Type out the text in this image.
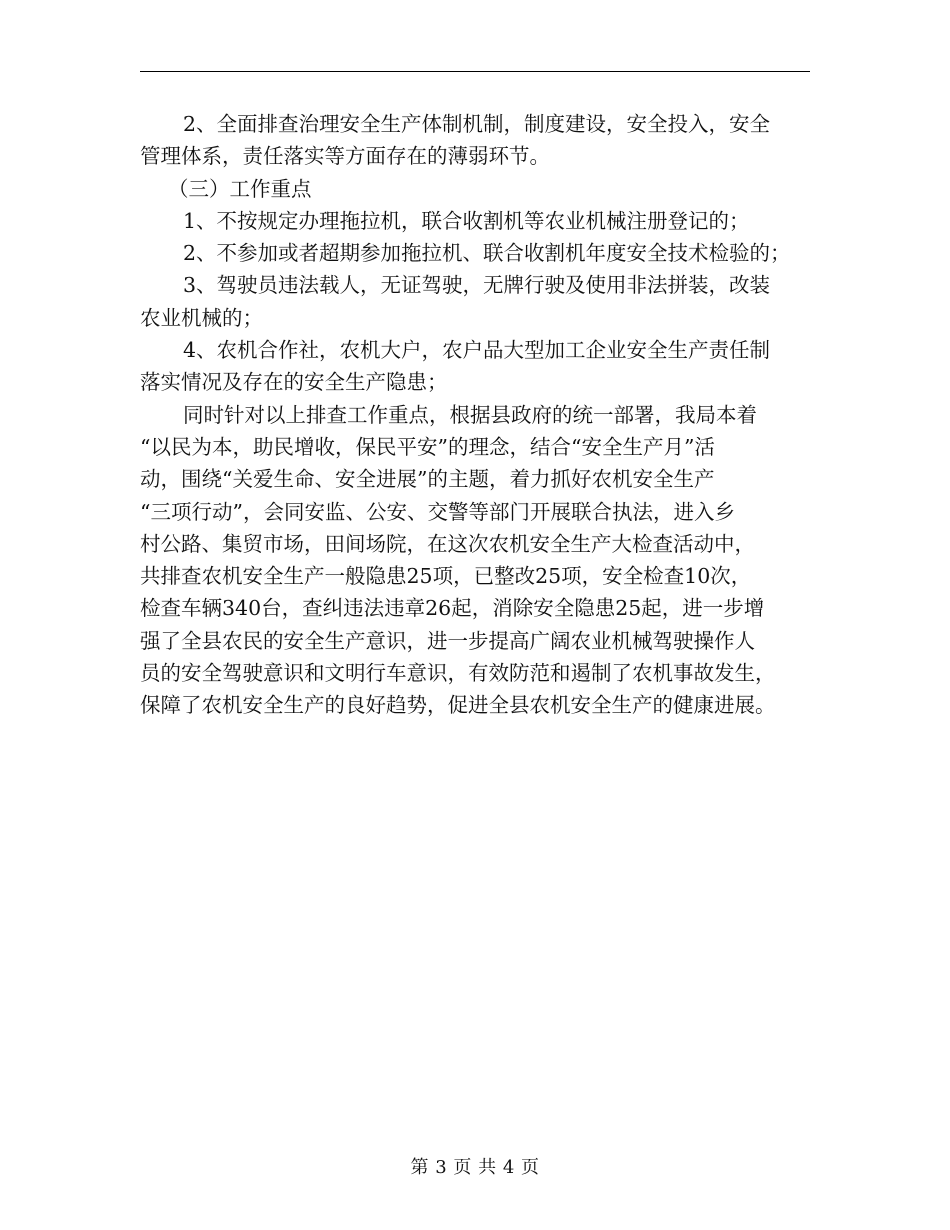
2、全面排查治理安全生产体制机制，制度建设，安全投入，安全
管理体系，责任落实等方面存在的薄弱环节。
（三）工作重点
1、不按规定办理拖拉机，联合收割机等农业机械注册登记的；
2、不参加或者超期参加拖拉机、联合收割机年度安全技术检验的；
3、驾驶员违法载人，无证驾驶，无牌行驶及使用非法拼装，改装
农业机械的；
4、农机合作社，农机大户，农户品大型加工企业安全生产责任制
落实情况及存在的安全生产隐患；
同时针对以上排查工作重点，根据县政府的统一部署，我局本着
“以民为本，助民增收，保民平安”的理念，结合“安全生产月”活
动，围绕“关爱生命、安全进展”的主题，着力抓好农机安全生产
“三项行动”，会同安监、公安、交警等部门开展联合执法，进入乡
村公路、集贸市场，田间场院，在这次农机安全生产大检查活动中，
共排查农机安全生产一般隐患25项，已整改25项，安全检查10次，
检查车辆340台，查纠违法违章26起，消除安全隐患25起，进一步增
强了全县农民的安全生产意识，进一步提高广阔农业机械驾驶操作人
员的安全驾驶意识和文明行车意识，有效防范和遏制了农机事故发生，
保障了农机安全生产的良好趋势，促进全县农机安全生产的健康进展。
第 3 页 共 4 页
